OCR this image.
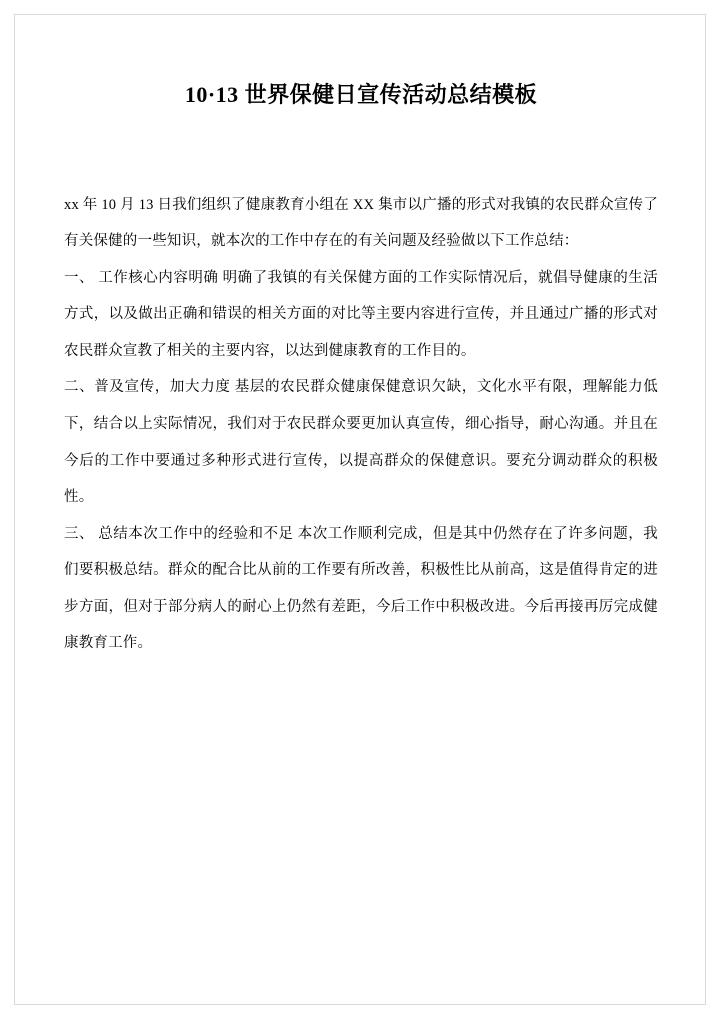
10·13 世界保健日宣传活动总结模板

xx 年 10 月 13 日我们组织了健康教育小组在 XX 集市以广播的形式对我镇的农民群众宣传了有关保健的一些知识，就本次的工作中存在的有关问题及经验做以下工作总结：

一、 工作核心内容明确 明确了我镇的有关保健方面的工作实际情况后，就倡导健康的生活方式，以及做出正确和错误的相关方面的对比等主要内容进行宣传，并且通过广播的形式对农民群众宣教了相关的主要内容，以达到健康教育的工作目的。

二、普及宣传，加大力度 基层的农民群众健康保健意识欠缺，文化水平有限，理解能力低下，结合以上实际情况，我们对于农民群众要更加认真宣传，细心指导，耐心沟通。并且在今后的工作中要通过多种形式进行宣传，以提高群众的保健意识。要充分调动群众的积极性。

三、 总结本次工作中的经验和不足 本次工作顺利完成，但是其中仍然存在了许多问题，我们要积极总结。群众的配合比从前的工作要有所改善，积极性比从前高，这是值得肯定的进步方面，但对于部分病人的耐心上仍然有差距，今后工作中积极改进。今后再接再厉完成健康教育工作。
